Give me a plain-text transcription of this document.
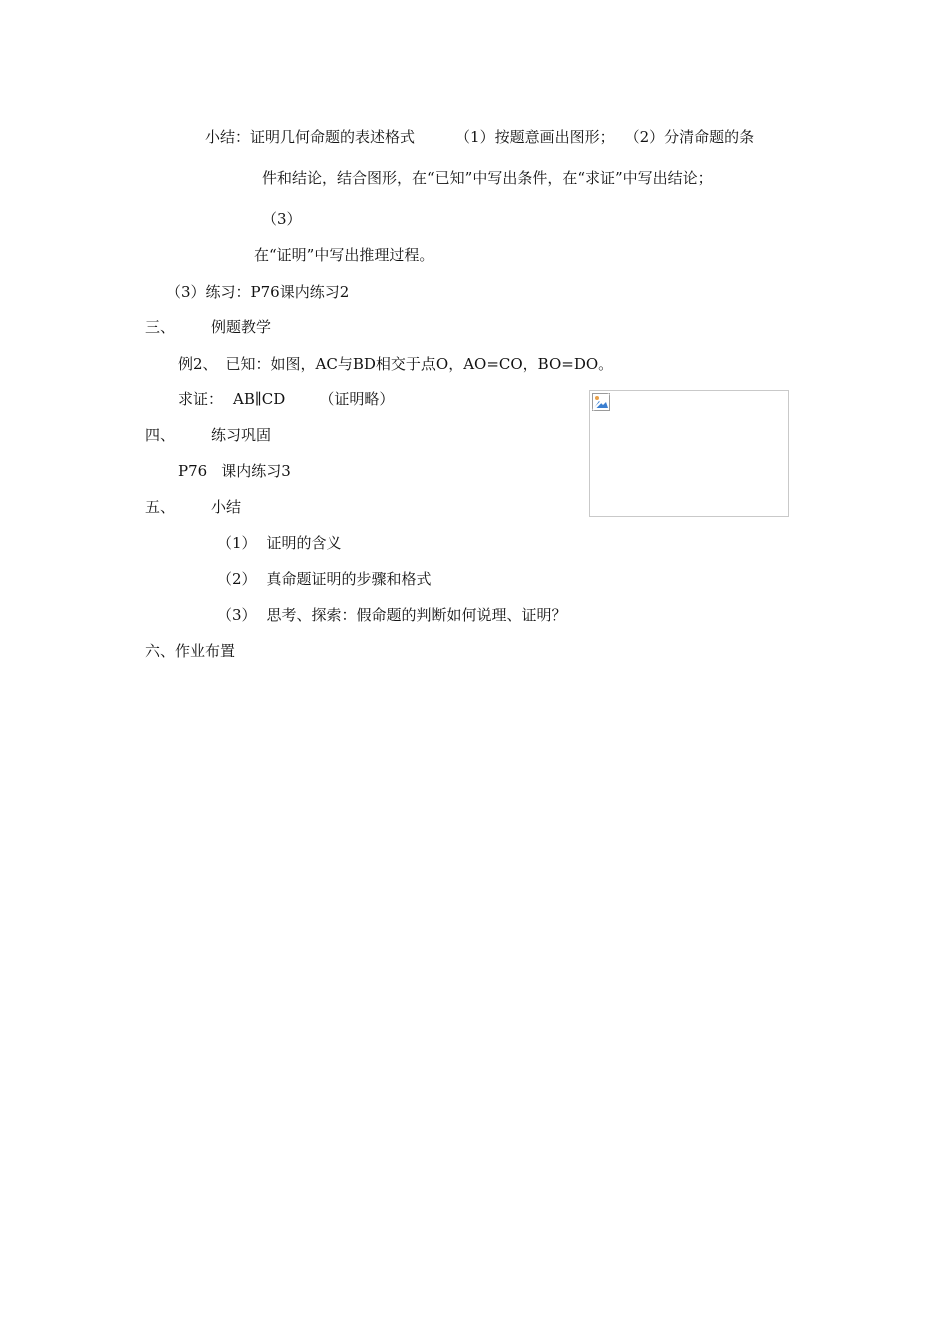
小结：证明几何命题的表述格式	（1）按题意画出图形； （2）分清命题的条
件和结论，结合图形，在“已知”中写出条件，在“求证”中写出结论；
（3）
在“证明”中写出推理过程。
（3）练习：P76课内练习2
三、 例题教学
例2、 已知：如图，AC与BD相交于点O，AO=CO，BO=DO。
求证： AB∥CD （证明略）
四、 练习巩固
P76 课内练习3
五、 小结
（1） 证明的含义
（2） 真命题证明的步骤和格式
（3） 思考、探索：假命题的判断如何说理、证明？
六、作业布置
